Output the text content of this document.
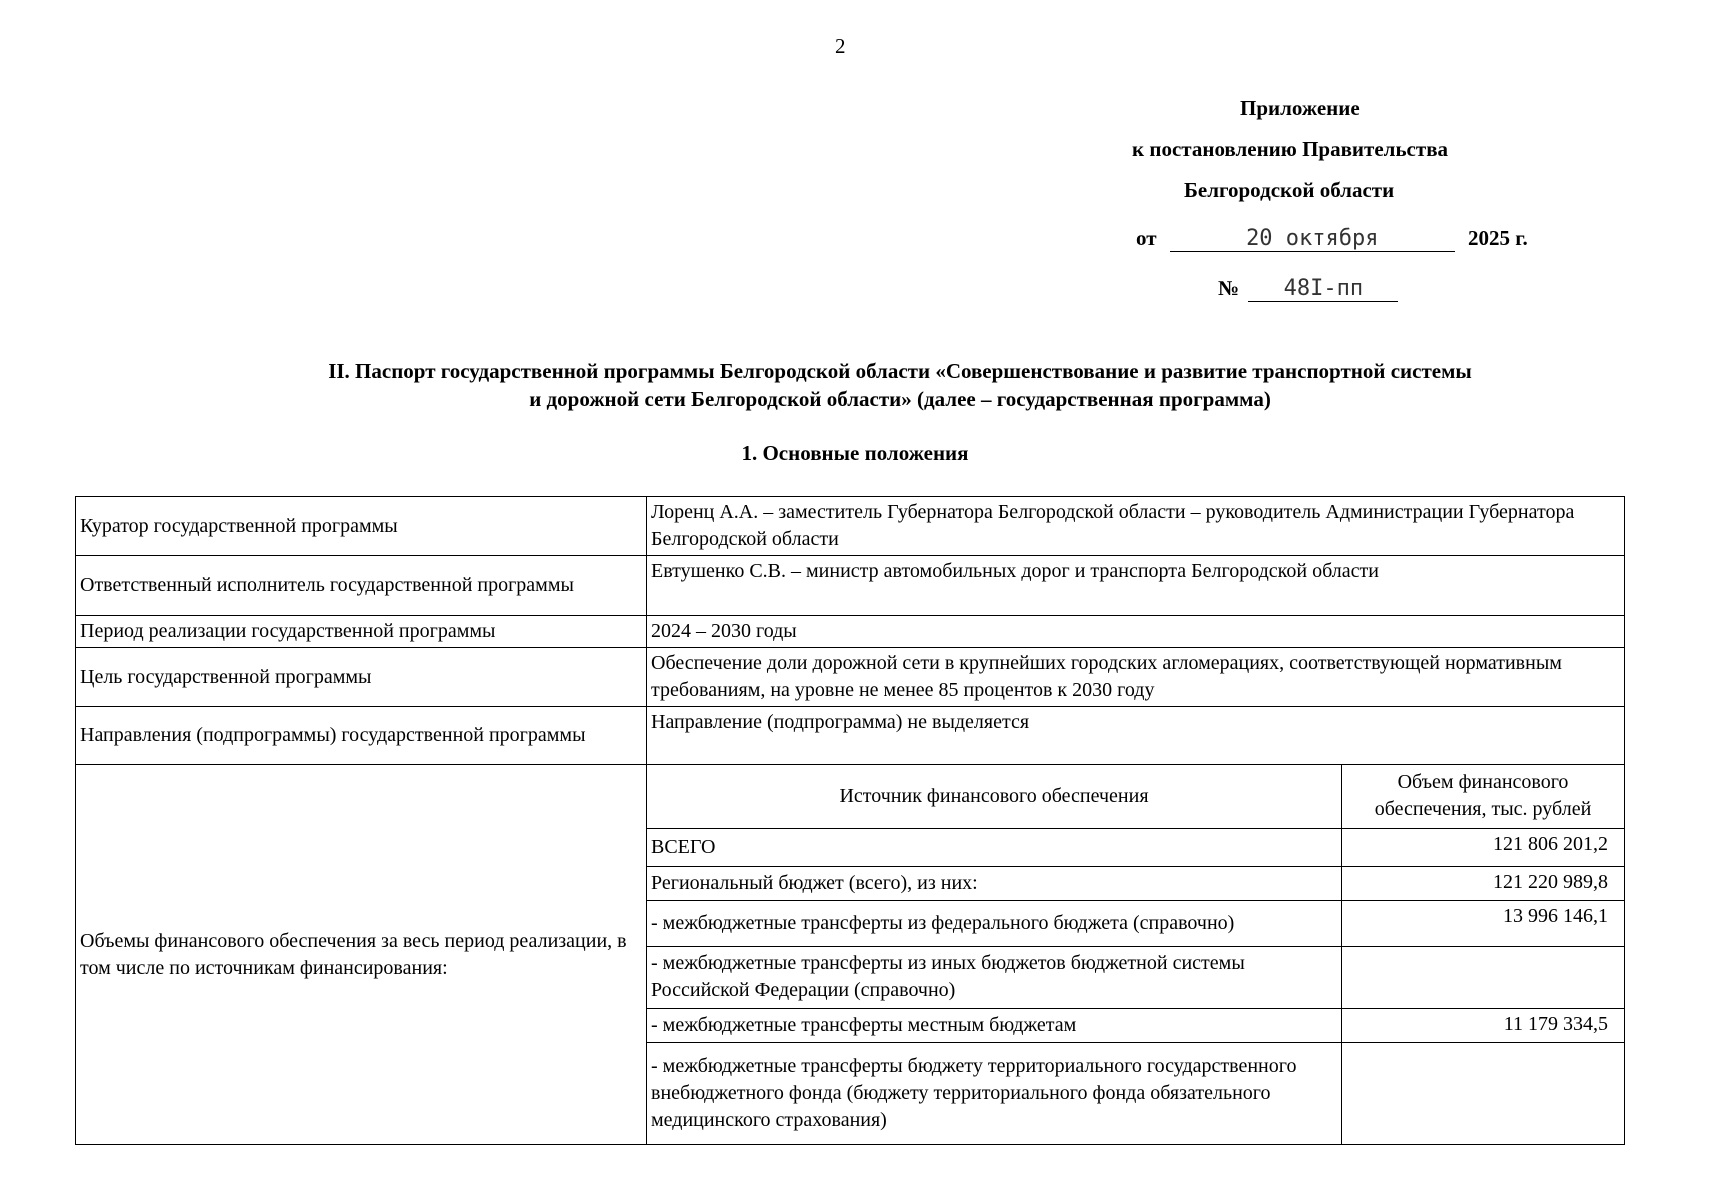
2
Приложение
к постановлению Правительства
Белгородской области
от	20 октября	2025 г.
№ 48I-пп
II. Паспорт государственной программы Белгородской области «Совершенствование и развитие транспортной системы
и дорожной сети Белгородской области» (далее – государственная программа)
1. Основные положения
Куратор государственной программы	Лоренц А.А. – заместитель Губернатора Белгородской области – руководитель Администрации Губернатора Белгородской области
Ответственный исполнитель государственной программы	Евтушенко С.В. – министр автомобильных дорог и транспорта Белгородской области
Период реализации государственной программы	2024 – 2030 годы
Цель государственной программы	Обеспечение доли дорожной сети в крупнейших городских агломерациях, соответствующей нормативным требованиям, на уровне не менее 85 процентов к 2030 году
Направления (подпрограммы) государственной программы	Направление (подпрограмма) не выделяется
Объемы финансового обеспечения за весь период реализации, в том числе по источникам финансирования:	
Источник финансового обеспечения	Объем финансового обеспечения, тыс. рублей
ВСЕГО	121 806 201,2
Региональный бюджет (всего), из них:	121 220 989,8
- межбюджетные трансферты из федерального бюджета (справочно)	13 996 146,1
- межбюджетные трансферты из иных бюджетов бюджетной системы Российской Федерации (справочно)	
- межбюджетные трансферты местным бюджетам	11 179 334,5
- межбюджетные трансферты бюджету территориального государственного внебюджетного фонда (бюджету территориального фонда обязательного медицинского страхования)	
